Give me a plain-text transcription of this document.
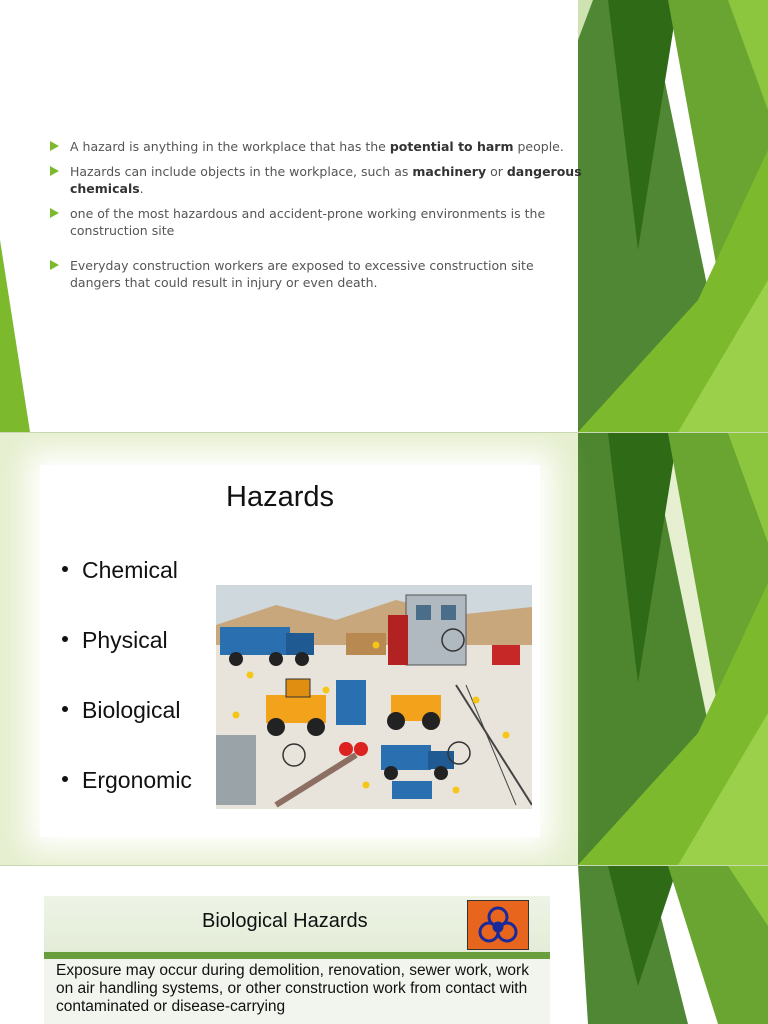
A hazard is anything in the workplace that has the potential to harm people.
Hazards can include objects in the workplace, such as machinery or dangerous chemicals.
one of the most hazardous and accident-prone working environments is the construction site
Everyday construction workers are exposed to excessive construction site dangers that could result in injury or even death.
Hazards
Chemical
Physical
Biological
Ergonomic
Biological Hazards

Exposure may occur during demolition, renovation, sewer work, work on air handling systems, or other construction work from contact with contaminated or disease-carrying
